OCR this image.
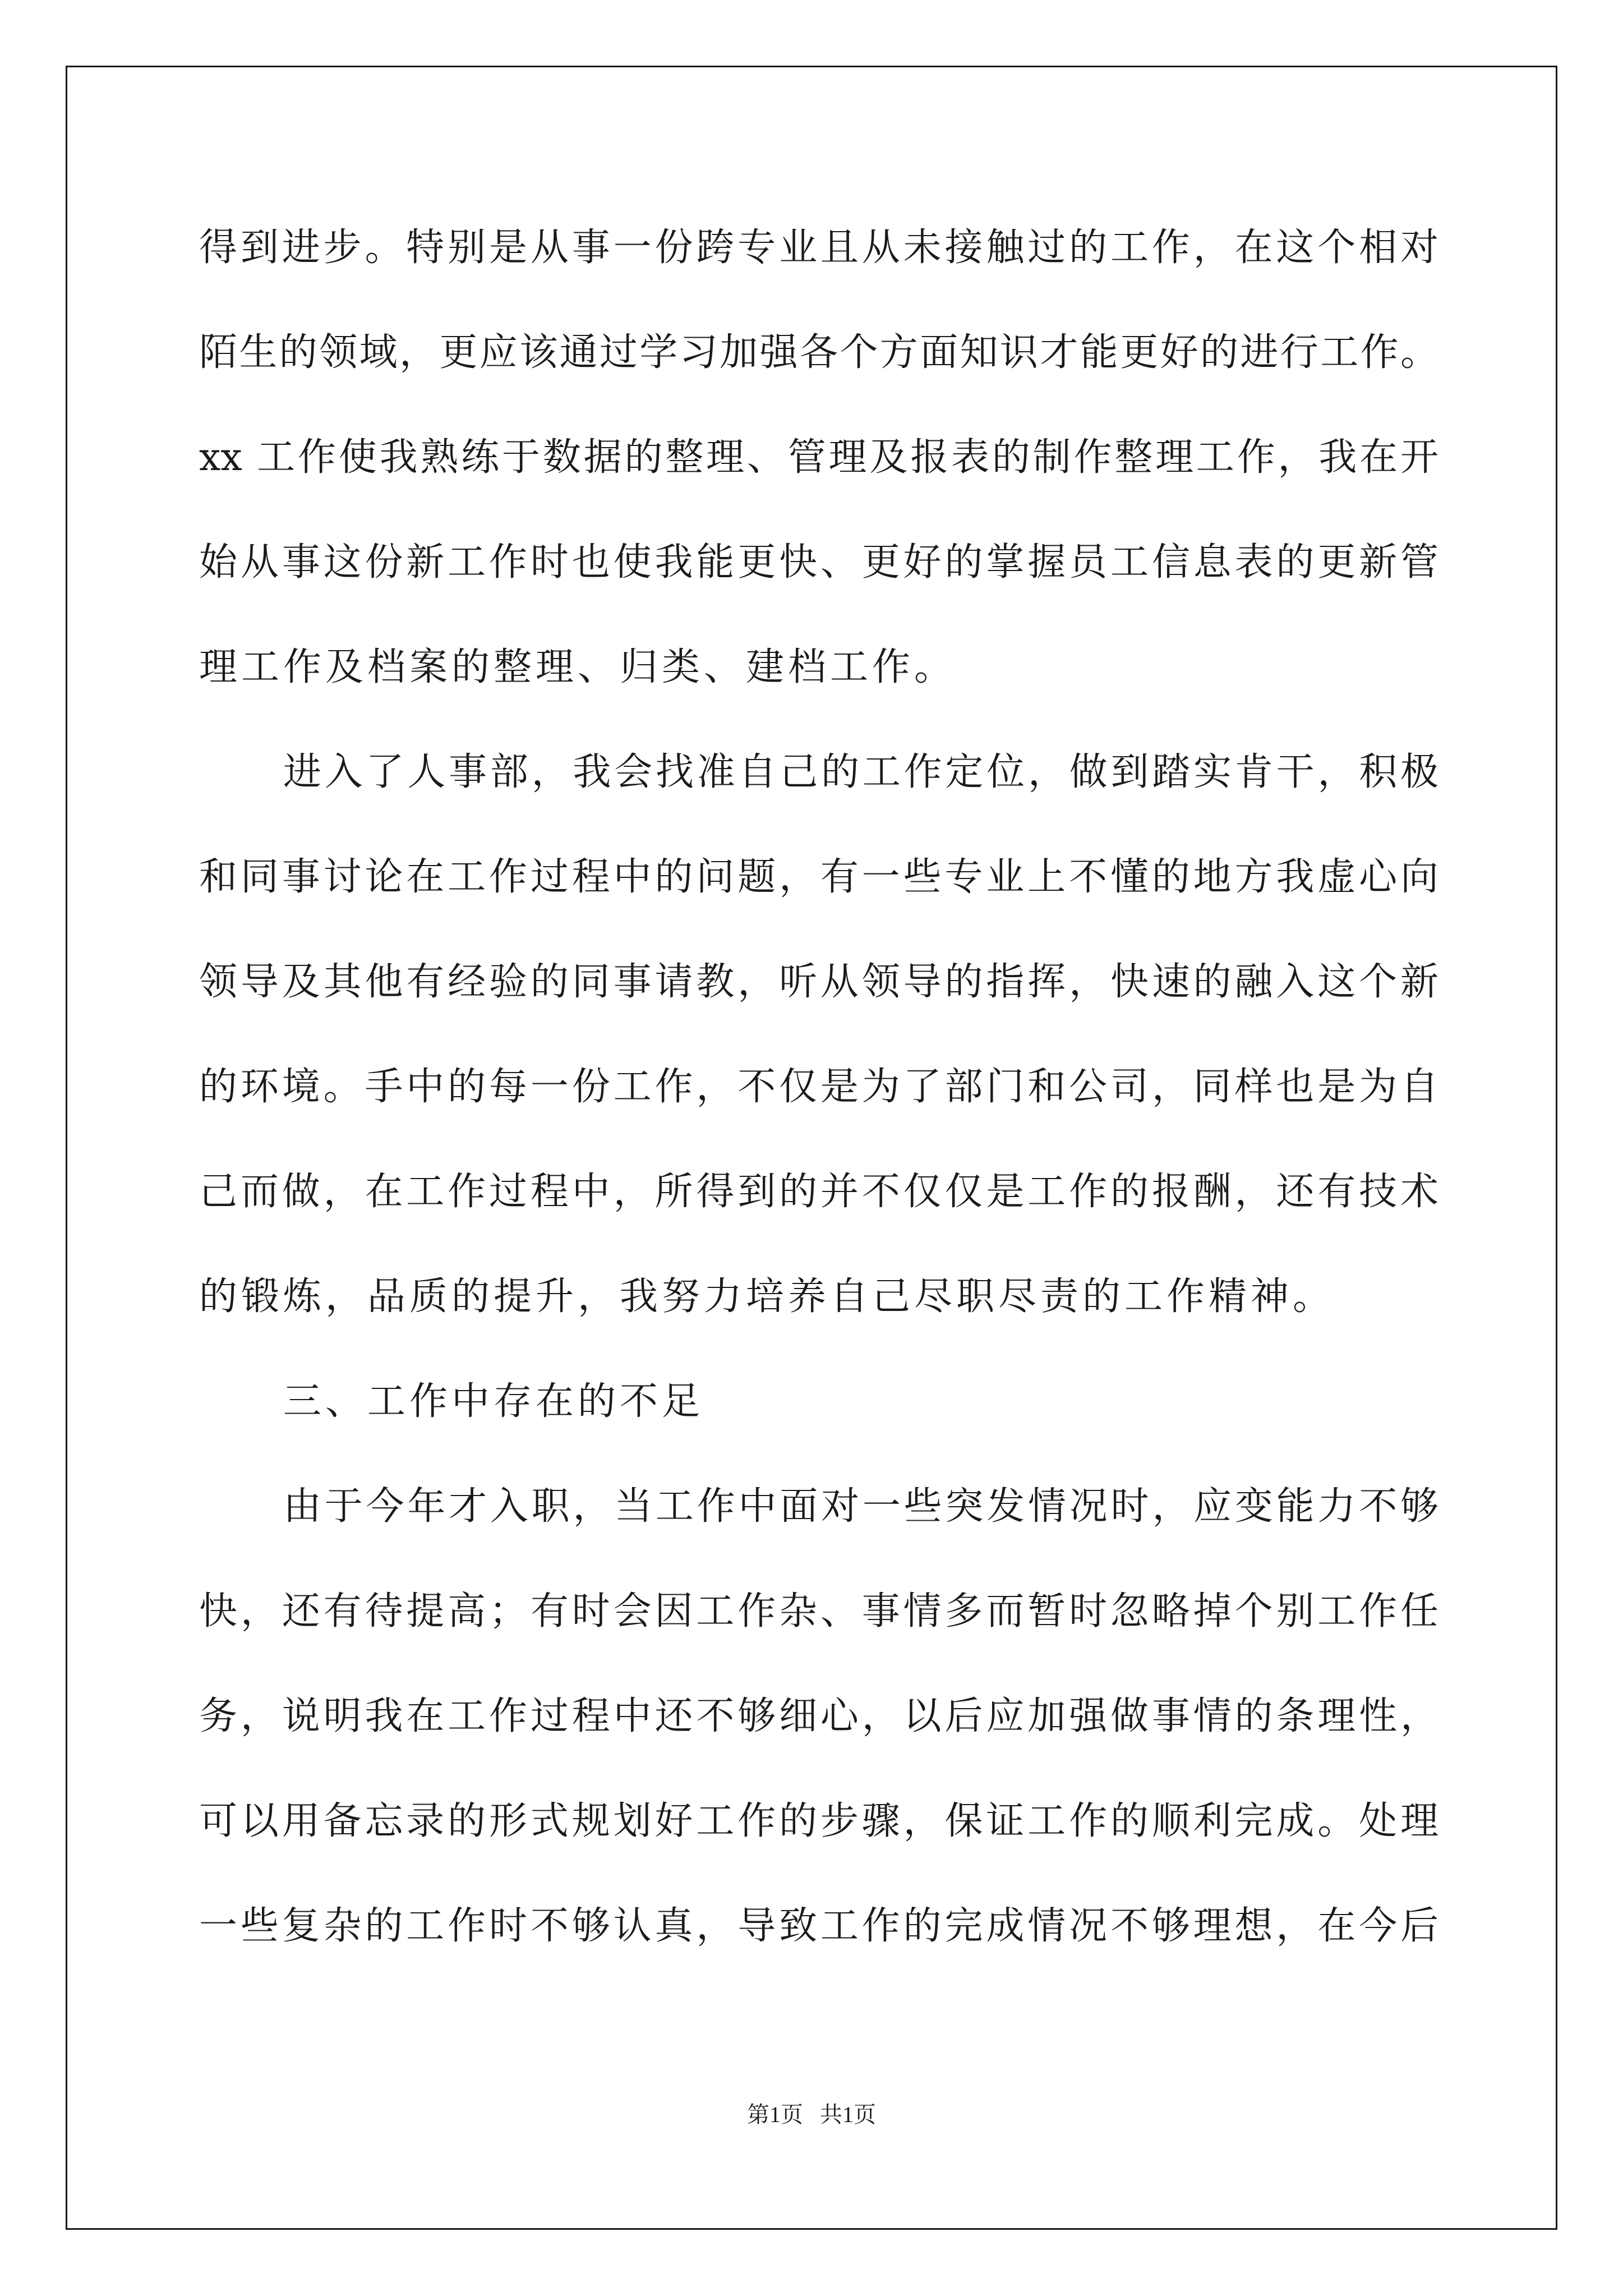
得到进步。特别是从事一份跨专业且从未接触过的工作，在这个相对
陌生的领域，更应该通过学习加强各个方面知识才能更好的进行工作。
xx 工作使我熟练于数据的整理、管理及报表的制作整理工作，我在开
始从事这份新工作时也使我能更快、更好的掌握员工信息表的更新管
理工作及档案的整理、归类、建档工作。
进入了人事部，我会找准自己的工作定位，做到踏实肯干，积极
和同事讨论在工作过程中的问题，有一些专业上不懂的地方我虚心向
领导及其他有经验的同事请教，听从领导的指挥，快速的融入这个新
的环境。手中的每一份工作，不仅是为了部门和公司，同样也是为自
己而做，在工作过程中，所得到的并不仅仅是工作的报酬，还有技术
的锻炼，品质的提升，我努力培养自己尽职尽责的工作精神。
三、工作中存在的不足
由于今年才入职，当工作中面对一些突发情况时，应变能力不够
快，还有待提高；有时会因工作杂、事情多而暂时忽略掉个别工作任
务，说明我在工作过程中还不够细心，以后应加强做事情的条理性，
可以用备忘录的形式规划好工作的步骤，保证工作的顺利完成。处理
一些复杂的工作时不够认真，导致工作的完成情况不够理想，在今后
第1页   共1页
